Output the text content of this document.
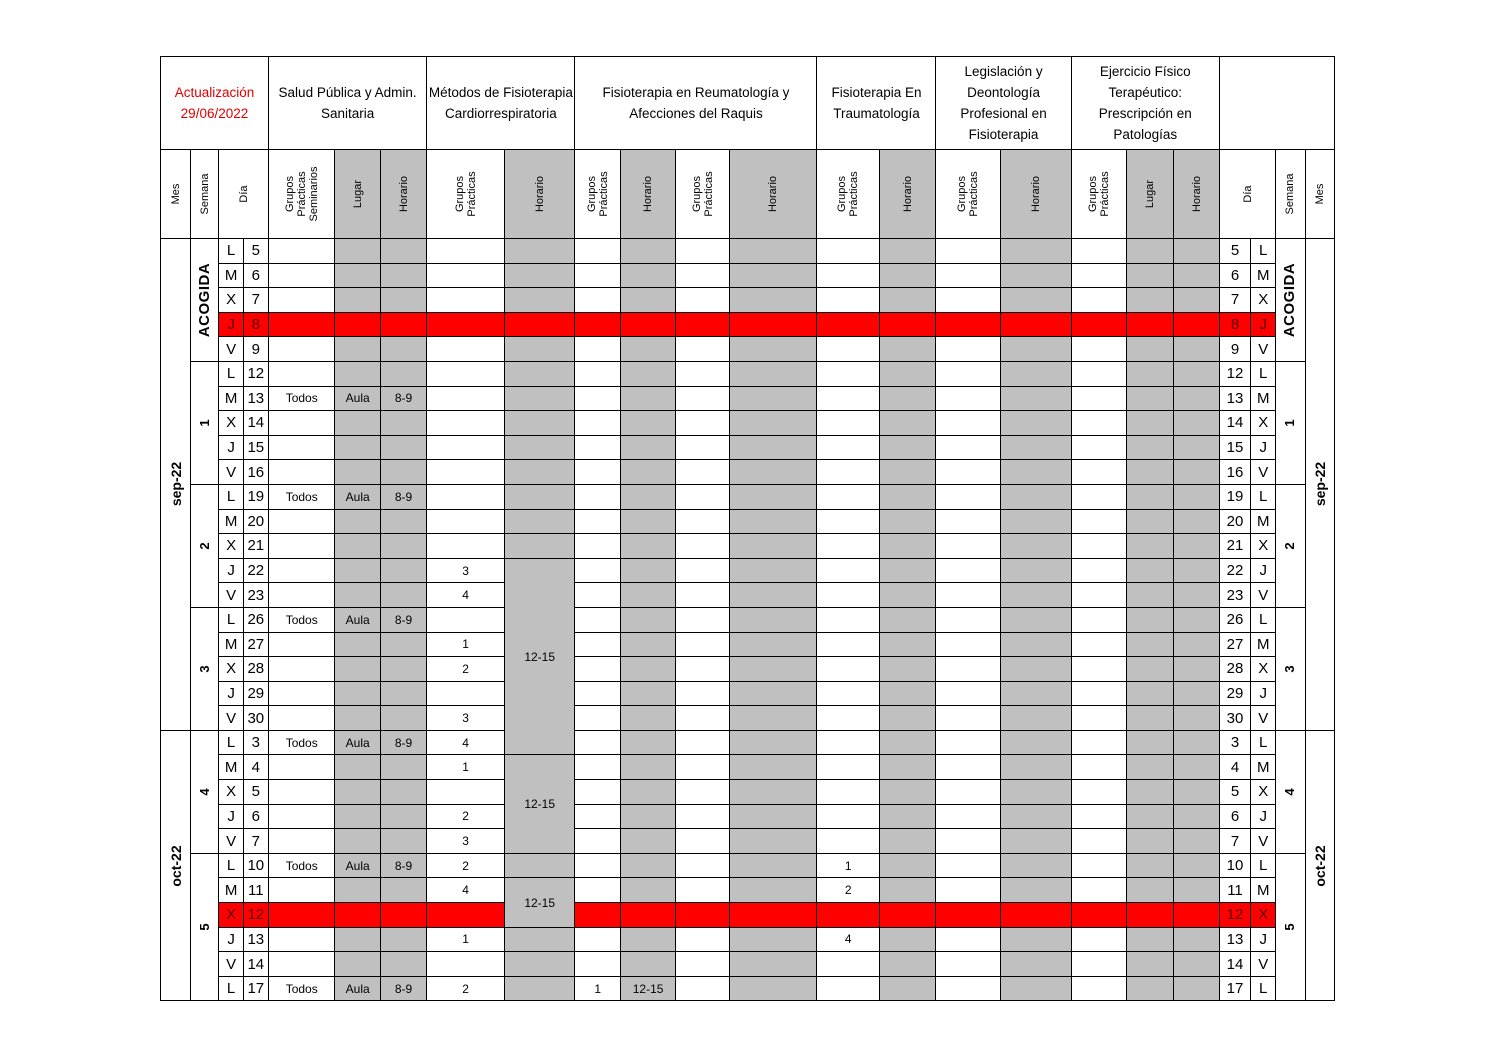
Actualización
29/06/2022				Salud Pública y Admin. Sanitaria			Métodos de Fisioterapia Cardiorrespiratoria		Fisioterapia en Reumatología y Afecciones del Raquis				Fisioterapia En Traumatología		Legislación y Deontología Profesional en Fisioterapia		Ejercicio Físico Terapéutico: Prescripción en Patologías						

Mes	Semana	Día		Grupos Prácticas Seminarios	Lugar	Horario	Grupos Prácticas	Horario	Grupos Prácticas	Horario	Grupos Prácticas	Horario	Grupos Prácticas	Horario	Grupos Prácticas	Horario	Grupos Prácticas	Lugar	Horario	Día		Semana	Mes

sep-22	ACOGIDA	L	5																	5	L	ACOGIDA	sep-22

		M	6																	6	M		
		X	7																	7	X		
		J	8																	8	J		
		V	9																	9	V		

	1	L	12																	12	L	1	

		M	13	Todos	Aula	8-9														13	M		
		X	14																	14	X		
		J	15																	15	J		
		V	16																	16	V		

	2	L	19	Todos	Aula	8-9														19	L	2	

		M	20																	20	M		
		X	21																	21	X		
		J	22				3	12-15												22	J		
		V	23				4													23	V		

	3	L	26	Todos	Aula	8-9														26	L	3	

		M	27				1													27	M		
		X	28				2													28	X		
		J	29																	29	J		
		V	30				3													30	V		

oct-22	4	L	3	Todos	Aula	8-9	4													3	L	4	oct-22

		M	4				1	12-15												4	M		
		X	5																	5	X		
		J	6				2													6	J		
		V	7				3													7	V		

	5	L	10	Todos	Aula	8-9	2						1							10	L	5	

		M	11				4	12-15					2							11	M		
		X	12																	12	X		
		J	13				1						4							13	J		
		V	14																	14	V		
		L	17	Todos	Aula	8-9	2		1	12-15										17	L		
